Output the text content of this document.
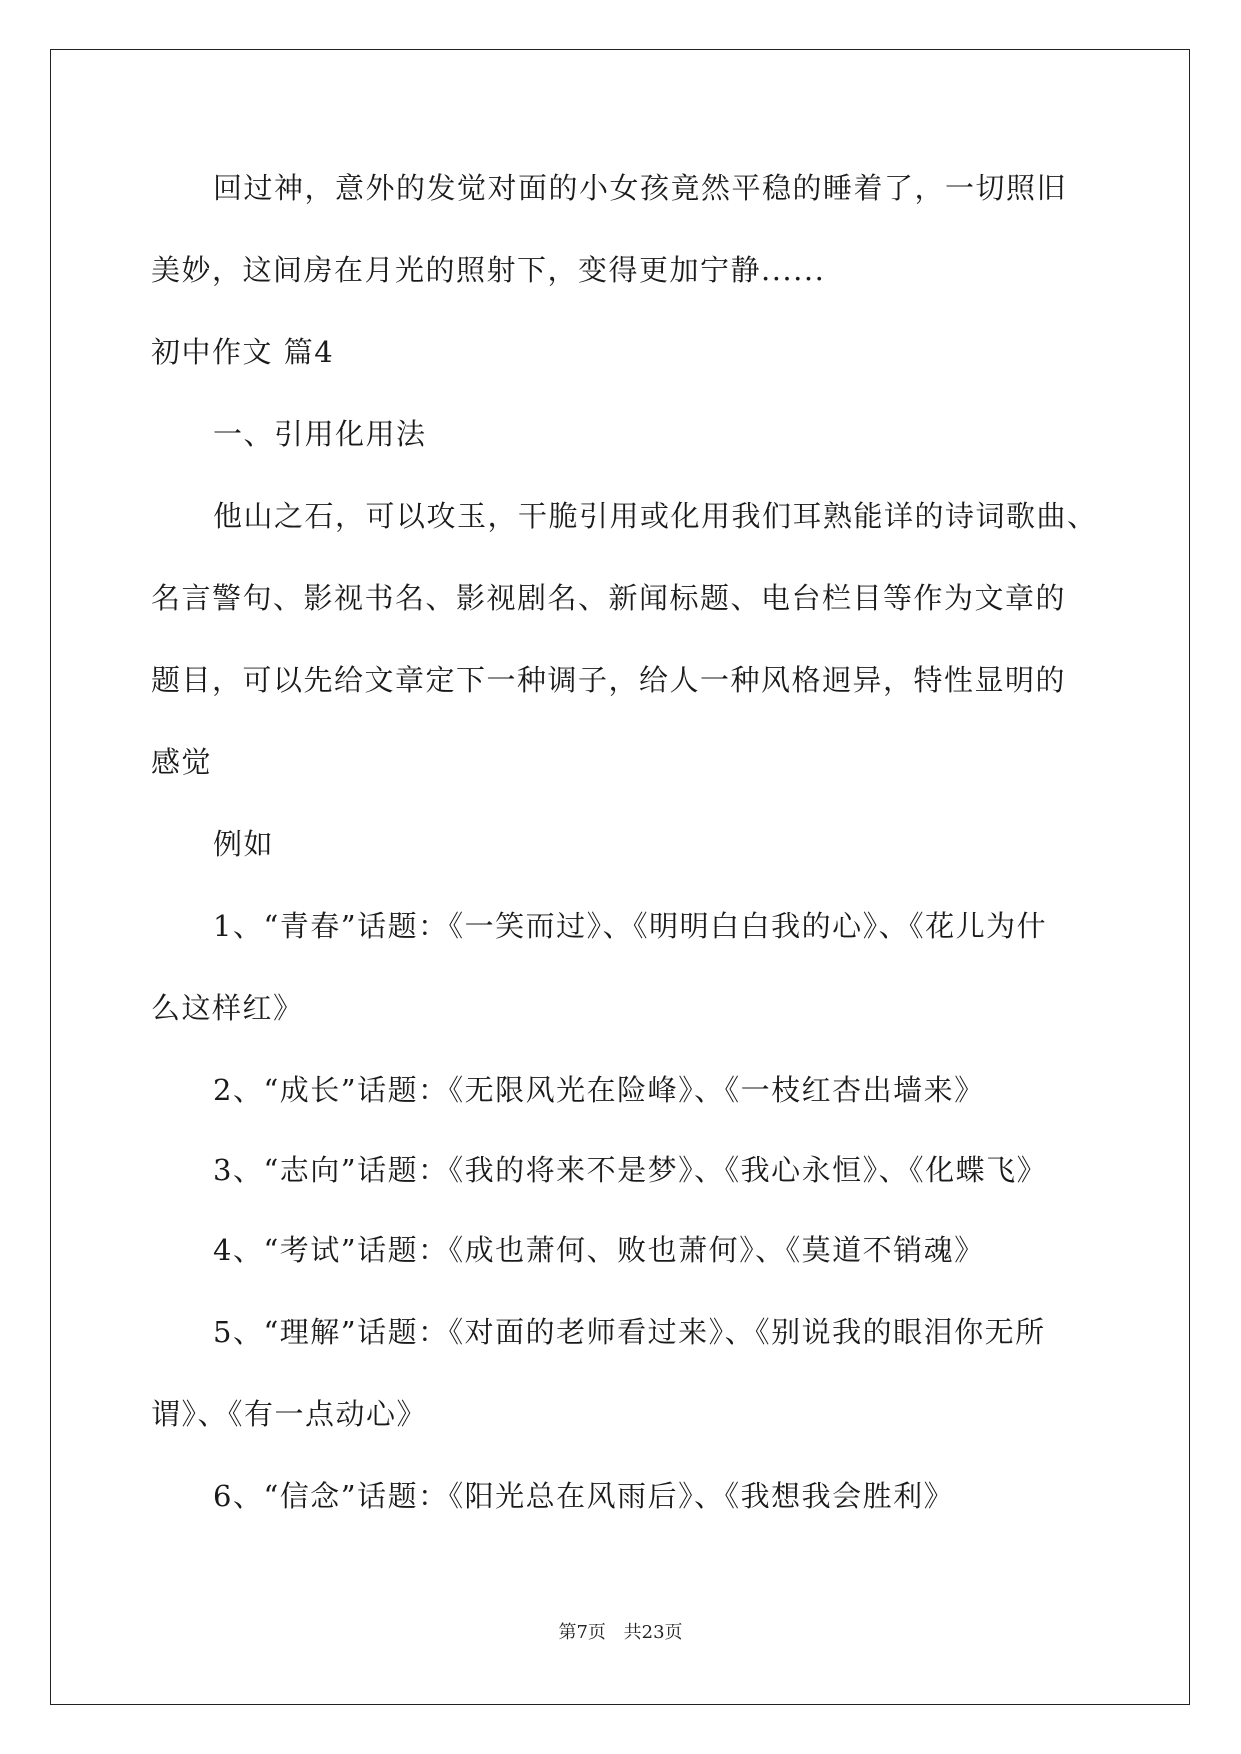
回过神，意外的发觉对面的小女孩竟然平稳的睡着了，一切照旧
美妙，这间房在月光的照射下，变得更加宁静......
初中作文 篇4
一、引用化用法
他山之石，可以攻玉，干脆引用或化用我们耳熟能详的诗词歌曲、
名言警句、影视书名、影视剧名、新闻标题、电台栏目等作为文章的
题目，可以先给文章定下一种调子，给人一种风格迥异，特性显明的
感觉
例如
1、“青春”话题：《一笑而过》、《明明白白我的心》、《花儿为什
么这样红》
2、“成长”话题：《无限风光在险峰》、《一枝红杏出墙来》
3、“志向”话题：《我的将来不是梦》、《我心永恒》、《化蝶飞》
4、“考试”话题：《成也萧何、败也萧何》、《莫道不销魂》
5、“理解”话题：《对面的老师看过来》、《别说我的眼泪你无所
谓》、《有一点动心》
6、“信念”话题：《阳光总在风雨后》、《我想我会胜利》
第7页 共23页
